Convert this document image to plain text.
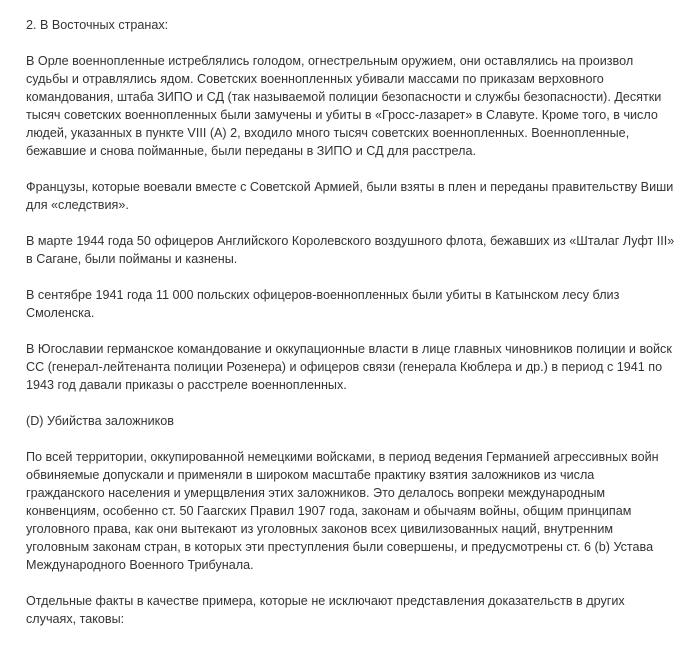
2. В Восточных странах:

В Орле военнопленные истреблялись голодом, огнестрельным оружием, они оставлялись на произвол судьбы и отравлялись ядом. Советских военнопленных убивали массами по приказам верховного командования, штаба ЗИПО и СД (так называемой полиции безопасности и службы безопасности). Десятки тысяч советских военнопленных были замучены и убиты в «Гросс-лазарет» в Славуте. Кроме того, в число людей, указанных в пункте VIII (А) 2, входило много тысяч советских военнопленных. Военнопленные, бежавшие и снова пойманные, были переданы в ЗИПО и СД для расстрела.

Французы, которые воевали вместе с Советской Армией, были взяты в плен и переданы правительству Виши для «следствия».

В марте 1944 года 50 офицеров Английского Королевского воздушного флота, бежавших из «Шталаг Луфт III» в Сагане, были пойманы и казнены.

В сентябре 1941 года 11 000 польских офицеров-военнопленных были убиты в Катынском лесу близ Смоленска.

В Югославии германское командование и оккупационные власти в лице главных чиновников полиции и войск СС (генерал-лейтенанта полиции Розенера) и офицеров связи (генерала Кюблера и др.) в период с 1941 по 1943 год давали приказы о расстреле военнопленных.

(D) Убийства заложников

По всей территории, оккупированной немецкими войсками, в период ведения Германией агрессивных войн обвиняемые допускали и применяли в широком масштабе практику взятия заложников из числа гражданского населения и умерщвления этих заложников. Это делалось вопреки международным конвенциям, особенно ст. 50 Гаагских Правил 1907 года, законам и обычаям войны, общим принципам уголовного права, как они вытекают из уголовных законов всех цивилизованных наций, внутренним уголовным законам стран, в которых эти преступления были совершены, и предусмотрены ст. 6 (b) Устава Международного Военного Трибунала.

Отдельные факты в качестве примера, которые не исключают представления доказательств в других случаях, таковы:
